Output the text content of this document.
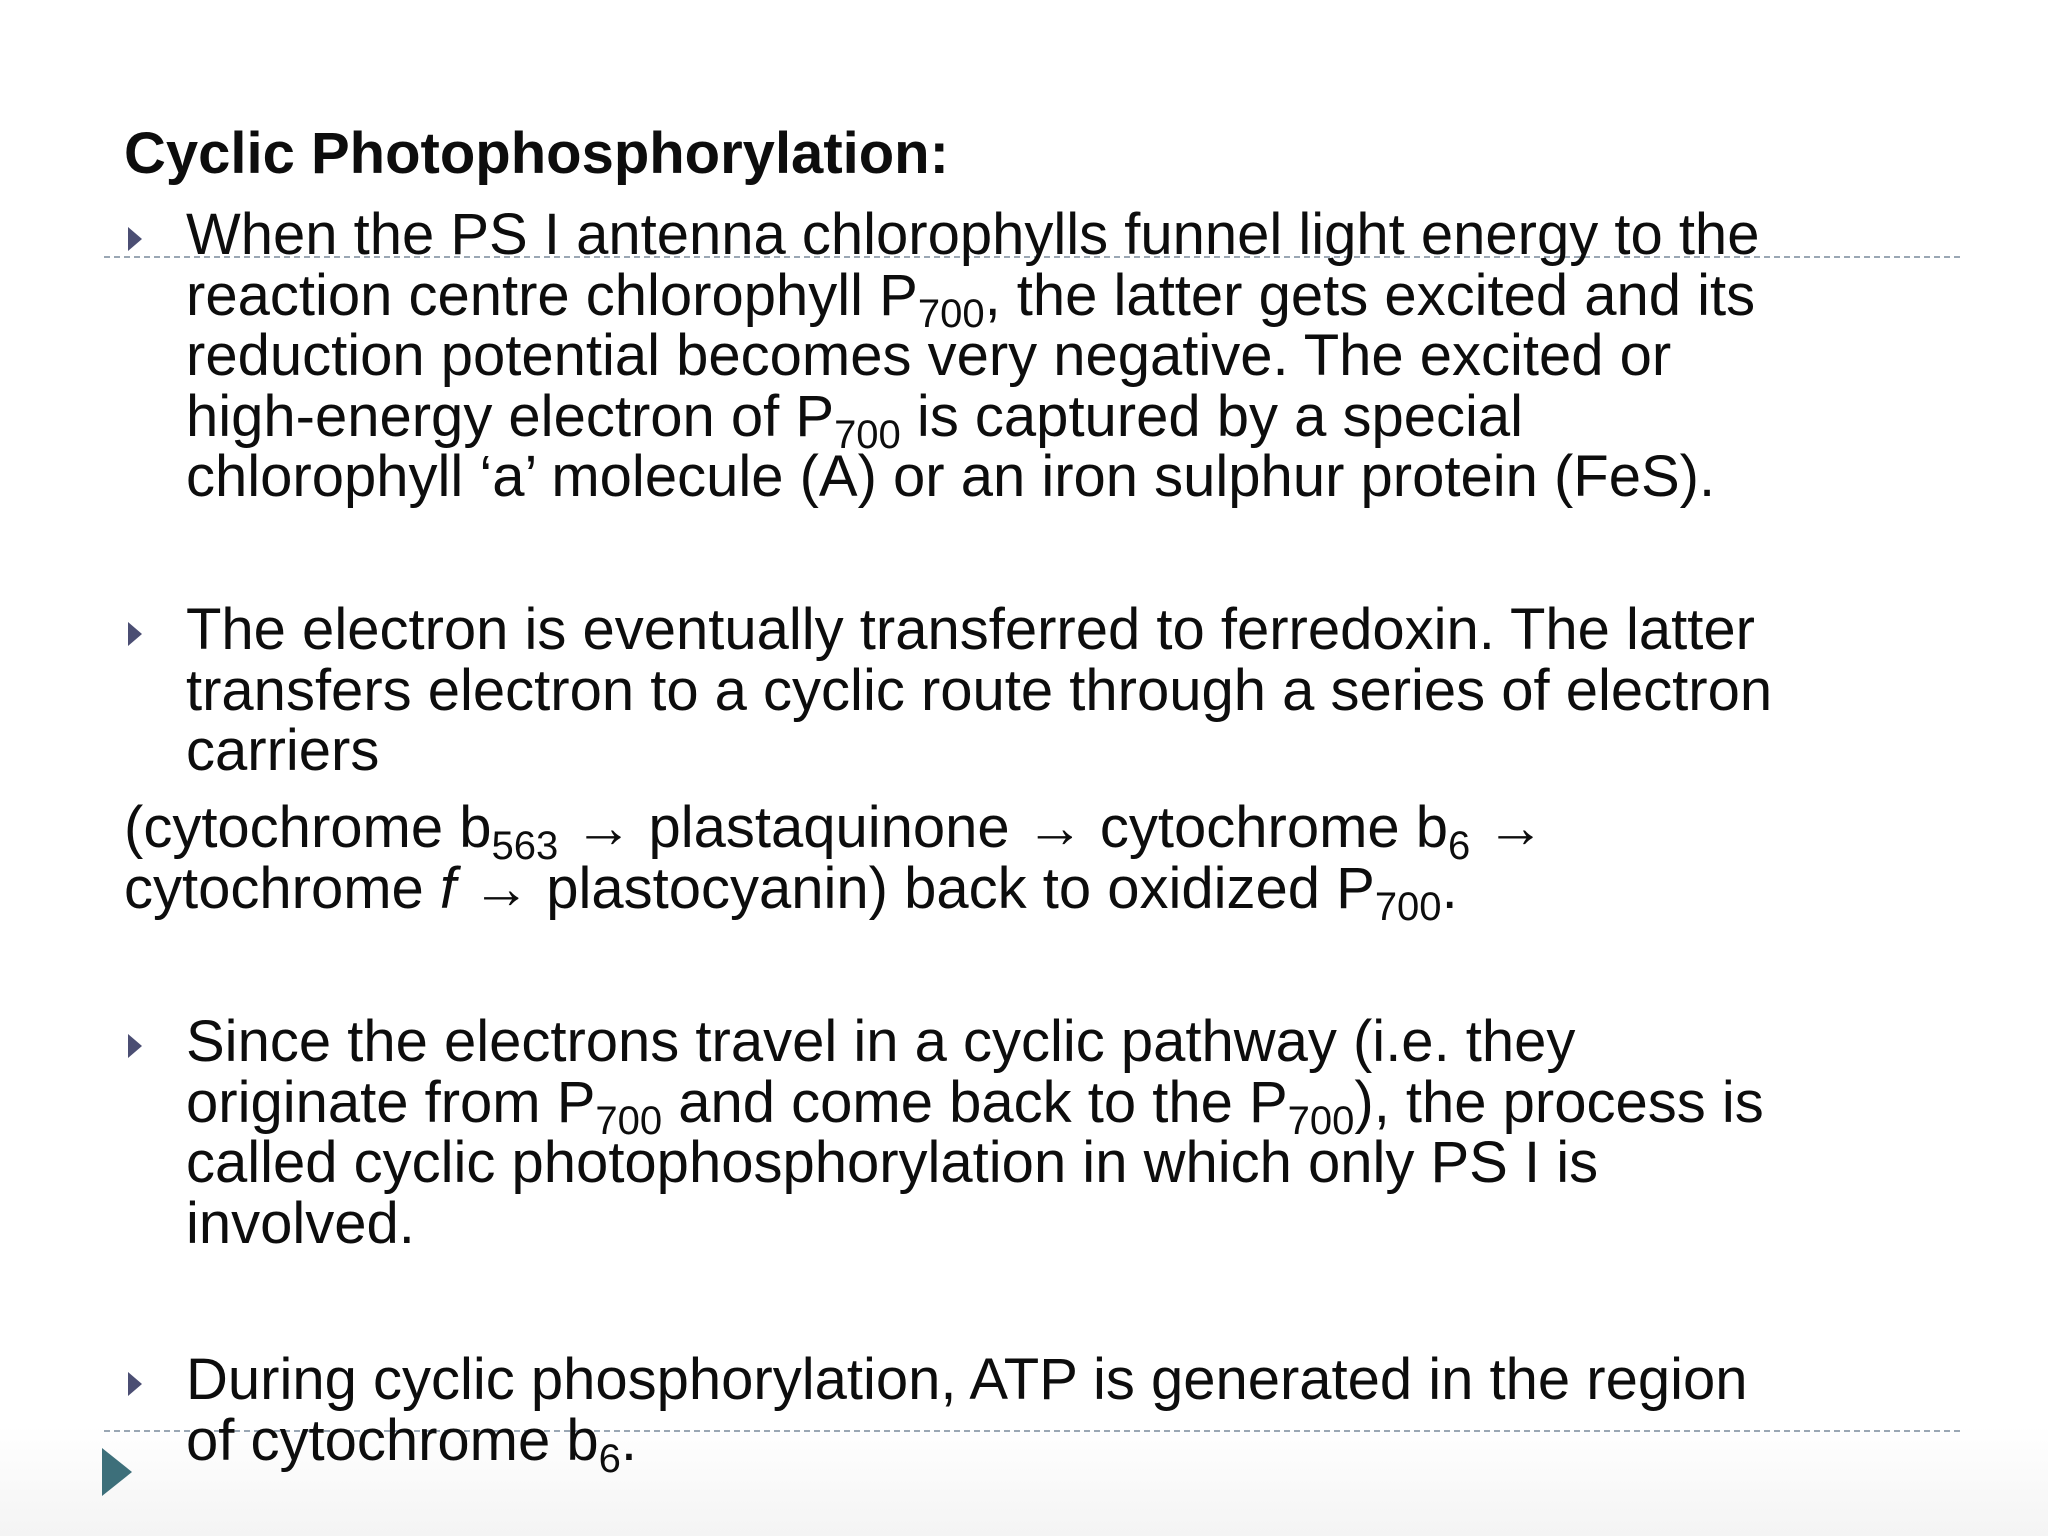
Cyclic Photophosphorylation:
When the PS I antenna chlorophylls funnel light energy to the
reaction centre chlorophyll $P_{700}$, the latter gets excited and its
reduction potential becomes very negative. The excited or
high-energy electron of $P_{700}$ is captured by a special
chlorophyll ‘a’ molecule (A) or an iron sulphur protein (FeS).
The electron is eventually transferred to ferredoxin. The latter
transfers electron to a cyclic route through a series of electron
carriers
(cytochrome $b_{563}$ → plastaquinone → cytochrome $b_6$ →
cytochrome f → plastocyanin) back to oxidized $P_{700}$.
Since the electrons travel in a cyclic pathway (i.e. they
originate from $P_{700}$ and come back to the $P_{700}$), the process is
called cyclic photophosphorylation in which only PS I is
involved.
During cyclic phosphorylation, ATP is generated in the region
of cytochrome $b_6$.
